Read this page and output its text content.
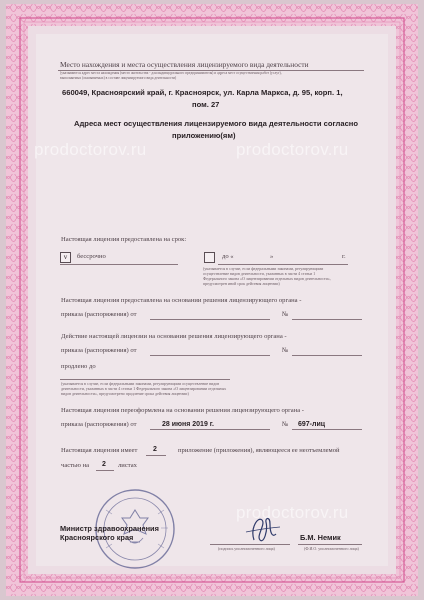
prodoctorov.ru	prodoctorov.ru
prodoctorov.ru
Место нахождения и места осуществления лицензируемого вида деятельности
(указываются адрес места нахождения (место жительства - для индивидуального предпринимателя) и адреса мест осуществления работ (услуг),
выполняемых (оказываемых) в составе лицензируемого вида деятельности)
660049, Красноярский край, г. Красноярск, ул. Карла Маркса, д. 95, корп. 1,
пом. 27
Адреса мест осуществления лицензируемого вида деятельности согласно
приложению(ям)
Настоящая лицензия предоставлена на срок:
v	бессрочно	до «	»	г.
(указывается в случае, если федеральными законами, регулирующими
осуществление видов деятельности, указанных в части 4 статьи 1
Федерального закона «О лицензировании отдельных видов деятельности»,
предусмотрен иной срок действия лицензии)
Настоящая лицензия предоставлена на основании решения лицензирующего органа -
приказа (распоряжения) от	№
Действие настоящей лицензии на основании решения лицензирующего органа -
приказа (распоряжения) от	№
продлено до
(указывается в случае, если федеральными законами, регулирующими осуществление видов
деятельности, указанных в части 4 статьи 1 Федерального закона «О лицензировании отдельных
видов деятельности», предусмотрено продление срока действия лицензии)
Настоящая лицензия переоформлена на основании решения лицензирующего органа -
приказа (распоряжения) от	28 июня 2019 г.	№ 697-лиц
Настоящая лицензия имеет 2	приложение (приложения), являющееся ее неотъемлемой
частью на 2 листах
Министр здравоохранения
Красноярского края
(подпись уполномоченного лица)
Б.М. Немик
(Ф.И.О. уполномоченного лица)
